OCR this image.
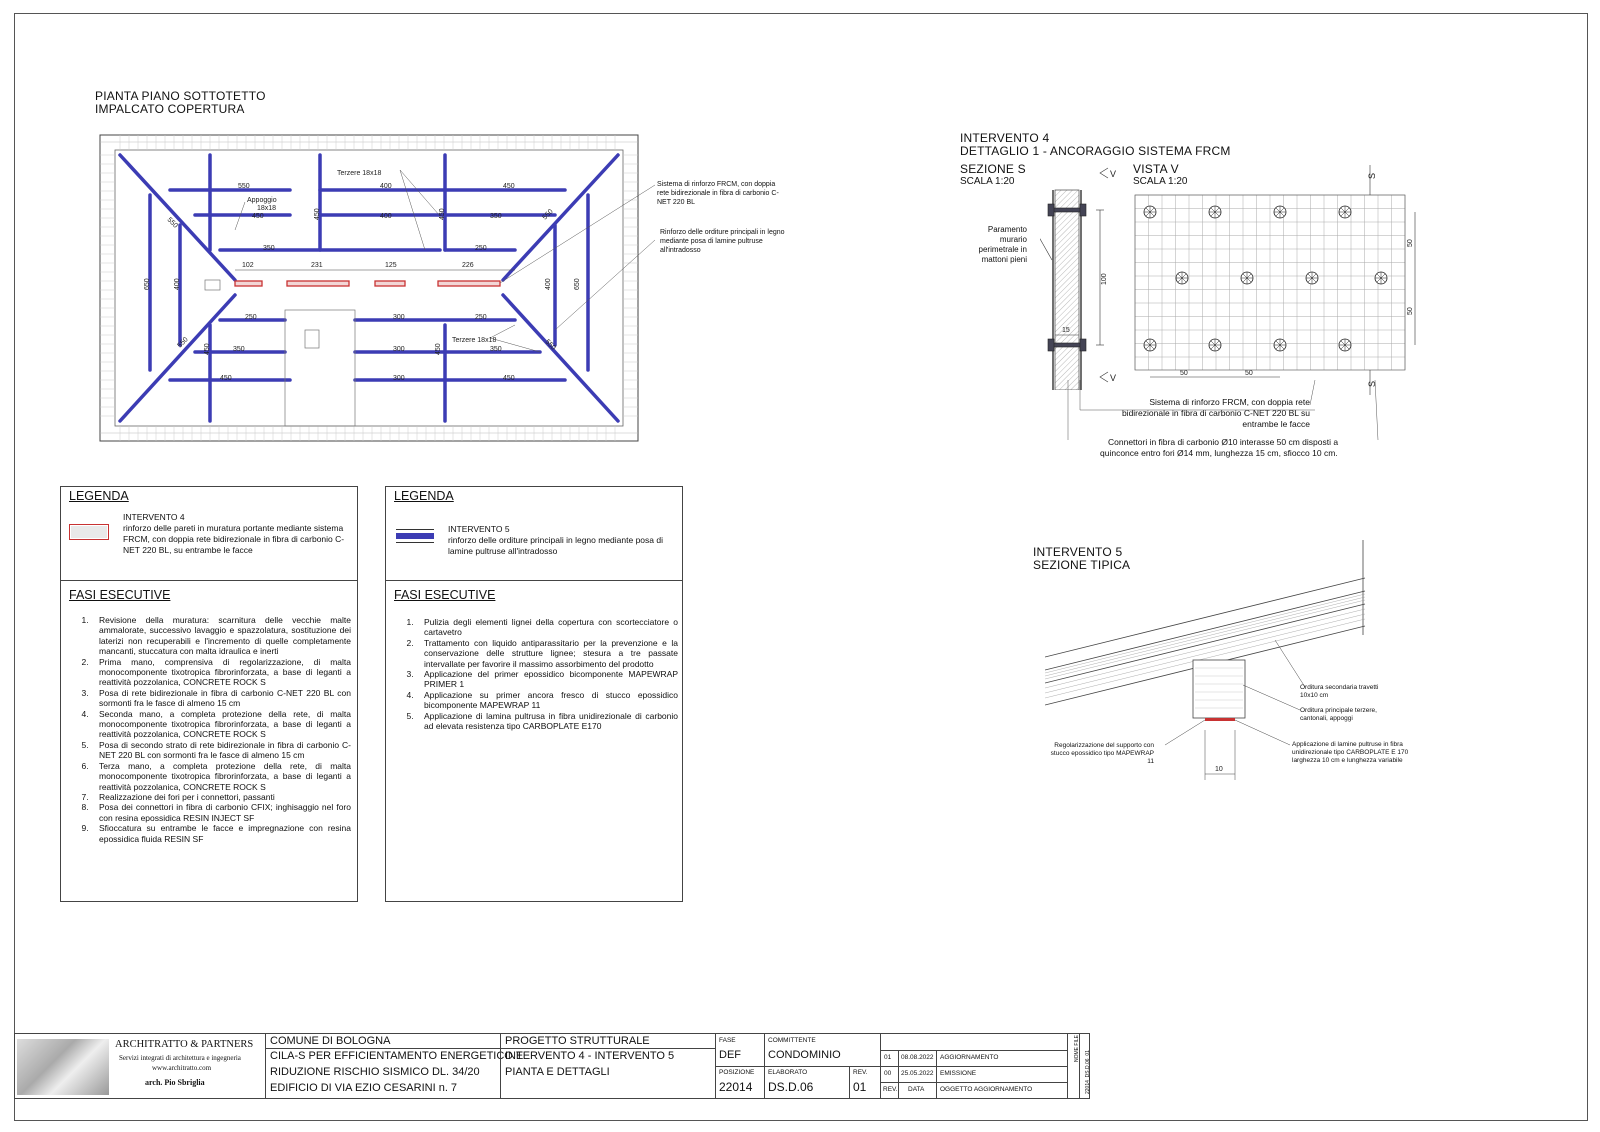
PIANTA PIANO SOTTOTETTO
IMPALCATO COPERTURA
550	450
400
450	350
400
350	250
102	231	125	226
250	300	250
350	300	350
450	300	450
650	400	650
400
450	450
450	450
550
550
550	550
Terzere 18x18
Terzere 18x18
Appoggio
18x18
Sistema di rinforzo FRCM, con doppia rete bidirezionale in fibra di carbonio C-NET 220 BL
Rinforzo delle orditure principali in legno mediante posa di lamine pultruse all'intradosso
INTERVENTO 4
DETTAGLIO 1 - ANCORAGGIO SISTEMA FRCM
SEZIONE S
SCALA 1:20
VISTA V
SCALA 1:20
Paramento murario perimetrale in mattoni pieni
100
15
V
V	50	50
50
50
S
S
Sistema di rinforzo FRCM, con doppia rete bidirezionale in fibra di carbonio C-NET 220 BL su entrambe le facce
Connettori in fibra di carbonio Ø10 interasse 50 cm disposti a
quinconce entro fori Ø14 mm, lunghezza 15 cm, sfiocco 10 cm.
INTERVENTO 5
SEZIONE TIPICA
10
Orditura secondaria travetti 10x10 cm
Orditura principale terzere, cantonali, appoggi
Regolarizzazione del supporto con stucco epossidico tipo MAPEWRAP 11
Applicazione di lamine pultruse in fibra unidirezionale tipo CARBOPLATE E 170 larghezza 10 cm e lunghezza variabile
LEGENDA
INTERVENTO 4
rinforzo delle pareti in muratura portante mediante sistema FRCM, con doppia rete bidirezionale in fibra di carbonio C-NET 220 BL, su entrambe le facce
FASI ESECUTIVE
1. Revisione della muratura: scarnitura delle vecchie malte ammalorate, successivo lavaggio e spazzolatura, sostituzione dei laterizi non recuperabili e l'incremento di quelle completamente mancanti, stuccatura con malta idraulica e inerti
2. Prima mano, comprensiva di regolarizzazione, di malta monocomponente tixotropica fibrorinforzata, a base di leganti a reattività pozzolanica, CONCRETE ROCK S
3. Posa di rete bidirezionale in fibra di carbonio C-NET 220 BL con sormonti fra le fasce di almeno 15 cm
4. Seconda mano, a completa protezione della rete, di malta monocomponente tixotropica fibrorinforzata, a base di leganti a reattività pozzolanica, CONCRETE ROCK S
5. Posa di secondo strato di rete bidirezionale in fibra di carbonio C-NET 220 BL con sormonti fra le fasce di almeno 15 cm
6. Terza mano, a completa protezione della rete, di malta monocomponente tixotropica fibrorinforzata, a base di leganti a reattività pozzolanica, CONCRETE ROCK S
7. Realizzazione dei fori per i connettori, passanti
8. Posa dei connettori in fibra di carbonio CFIX; inghisaggio nel foro con resina epossidica RESIN INJECT SF
9. Sfioccatura su entrambe le facce e impregnazione con resina epossidica fluida RESIN SF
LEGENDA
INTERVENTO 5
rinforzo delle orditure principali in legno mediante posa di lamine pultruse all'intradosso
FASI ESECUTIVE
1. Pulizia degli elementi lignei della copertura con scortecciatore o cartavetro
2. Trattamento con liquido antiparassitario per la prevenzione e la conservazione delle strutture lignee; stesura a tre passate intervallate per favorire il massimo assorbimento del prodotto
3. Applicazione del primer epossidico bicomponente MAPEWRAP PRIMER 1
4. Applicazione su primer ancora fresco di stucco epossidico bicomponente MAPEWRAP 11
5. Applicazione di lamina pultrusa in fibra unidirezionale di carbonio ad elevata resistenza tipo CARBOPLATE E170
ARCHITRATTO & PARTNERS
Servizi integrati di architettura e ingegneria
www.architratto.com
arch. Pio Sbriglia
COMUNE DI BOLOGNA
CILA-S PER EFFICIENTAMENTO ENERGETICO E
RIDUZIONE RISCHIO SISMICO DL. 34/20
EDIFICIO DI VIA EZIO CESARINI n. 7
PROGETTO STRUTTURALE
INTERVENTO 4 - INTERVENTO 5
PIANTA E DETTAGLI
FASE
DEF
POSIZIONE
22014
COMMITTENTE
CONDOMINIO
ELABORATO
DS.D.06
REV.
01
01 08.08.2022 AGGIORNAMENTO
00 25.05.2022 EMISSIONE
REV. DATA OGGETTO AGGIORNAMENTO
NOME FILE
22014_DS.D.06_01
